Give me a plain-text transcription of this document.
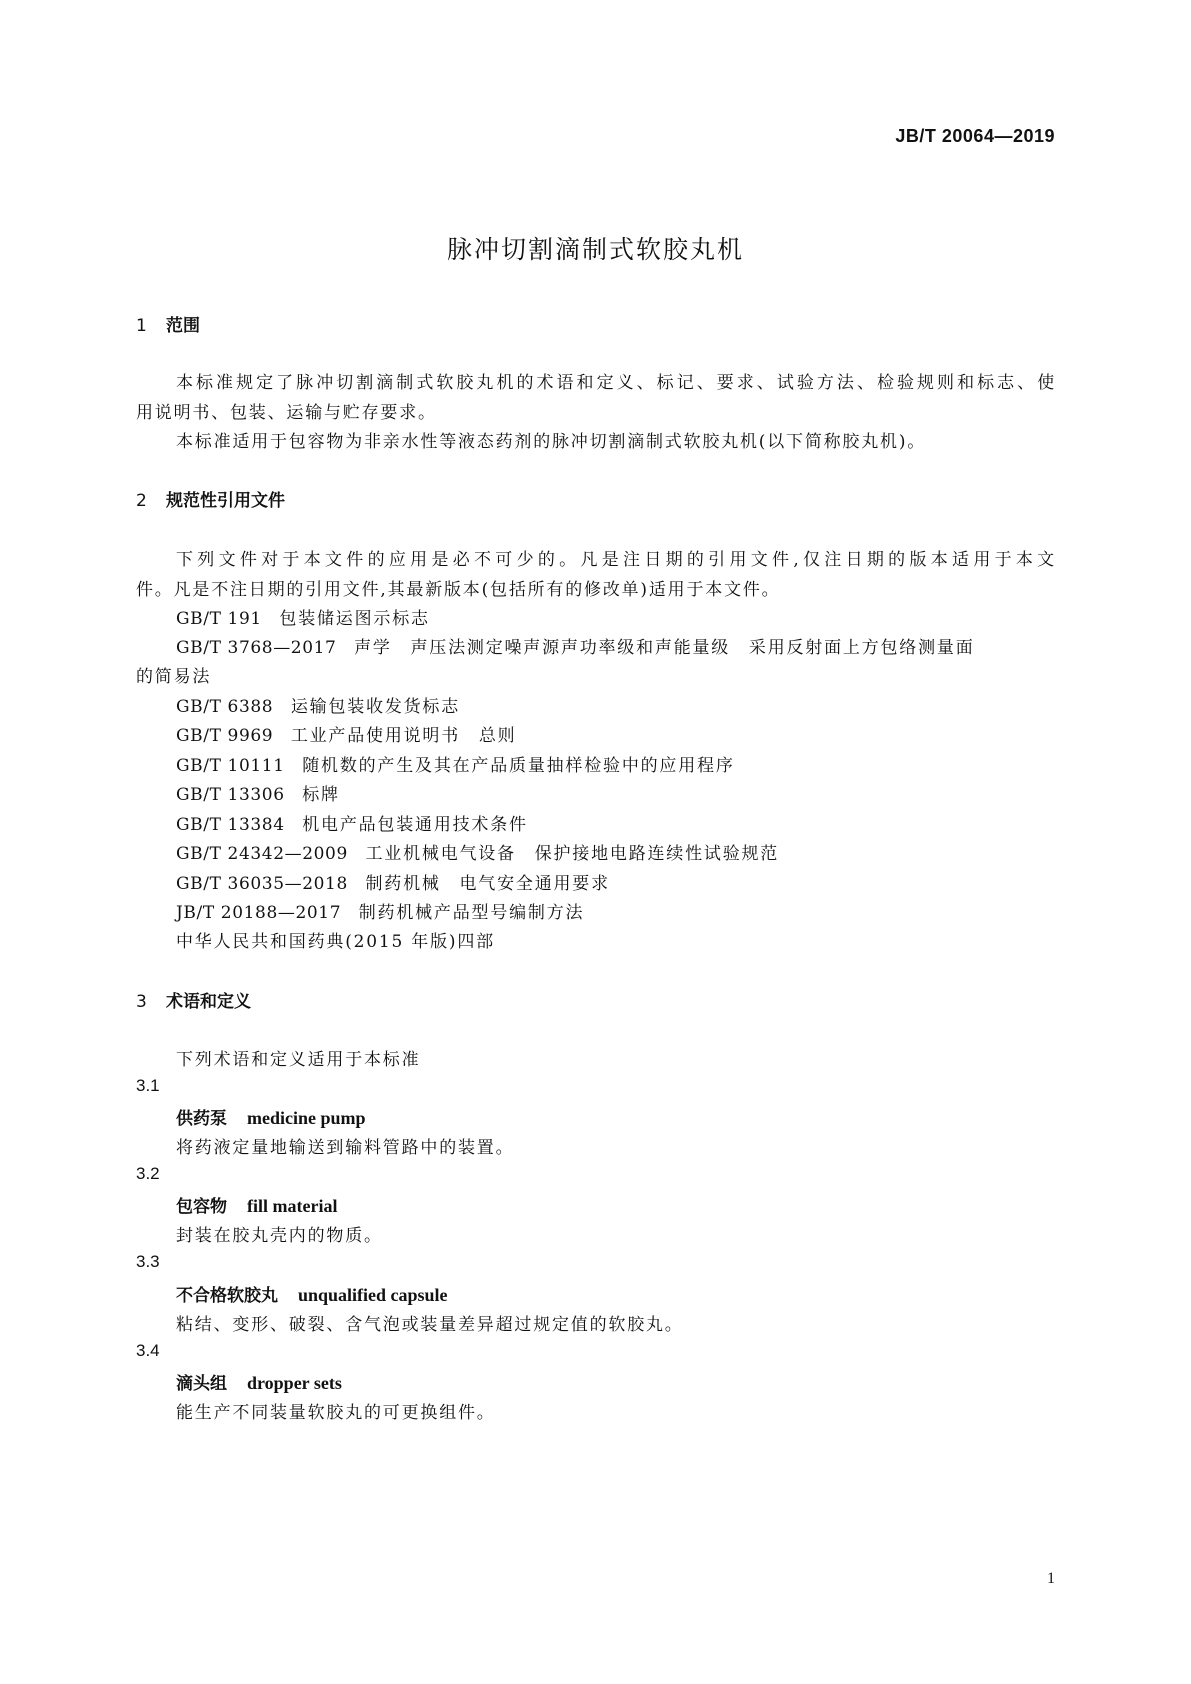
JB/T 20064—2019
脉冲切割滴制式软胶丸机
1 范围
本标准规定了脉冲切割滴制式软胶丸机的术语和定义、标记、要求、试验方法、检验规则和标志、使
用说明书、包装、运输与贮存要求。
本标准适用于包容物为非亲水性等液态药剂的脉冲切割滴制式软胶丸机(以下简称胶丸机)。
2 规范性引用文件
下列文件对于本文件的应用是必不可少的。凡是注日期的引用文件,仅注日期的版本适用于本文
件。凡是不注日期的引用文件,其最新版本(包括所有的修改单)适用于本文件。
GB/T 191　 包装储运图示标志
GB/T 3768—2017　 声学　声压法测定噪声源声功率级和声能量级　采用反射面上方包络测量面
的简易法
GB/T 6388　 运输包装收发货标志
GB/T 9969　 工业产品使用说明书　总则
GB/T 10111　 随机数的产生及其在产品质量抽样检验中的应用程序
GB/T 13306　 标牌
GB/T 13384　 机电产品包装通用技术条件
GB/T 24342—2009　 工业机械电气设备　保护接地电路连续性试验规范
GB/T 36035—2018　 制药机械　电气安全通用要求
JB/T 20188—2017　 制药机械产品型号编制方法
中华人民共和国药典(2015 年版)四部
3 术语和定义
下列术语和定义适用于本标准
3.1
供药泵 medicine pump
将药液定量地输送到输料管路中的装置。
3.2
包容物 fill material
封装在胶丸壳内的物质。
3.3
不合格软胶丸 unqualified capsule
粘结、变形、破裂、含气泡或装量差异超过规定值的软胶丸。
3.4
滴头组 dropper sets
能生产不同装量软胶丸的可更换组件。
1
